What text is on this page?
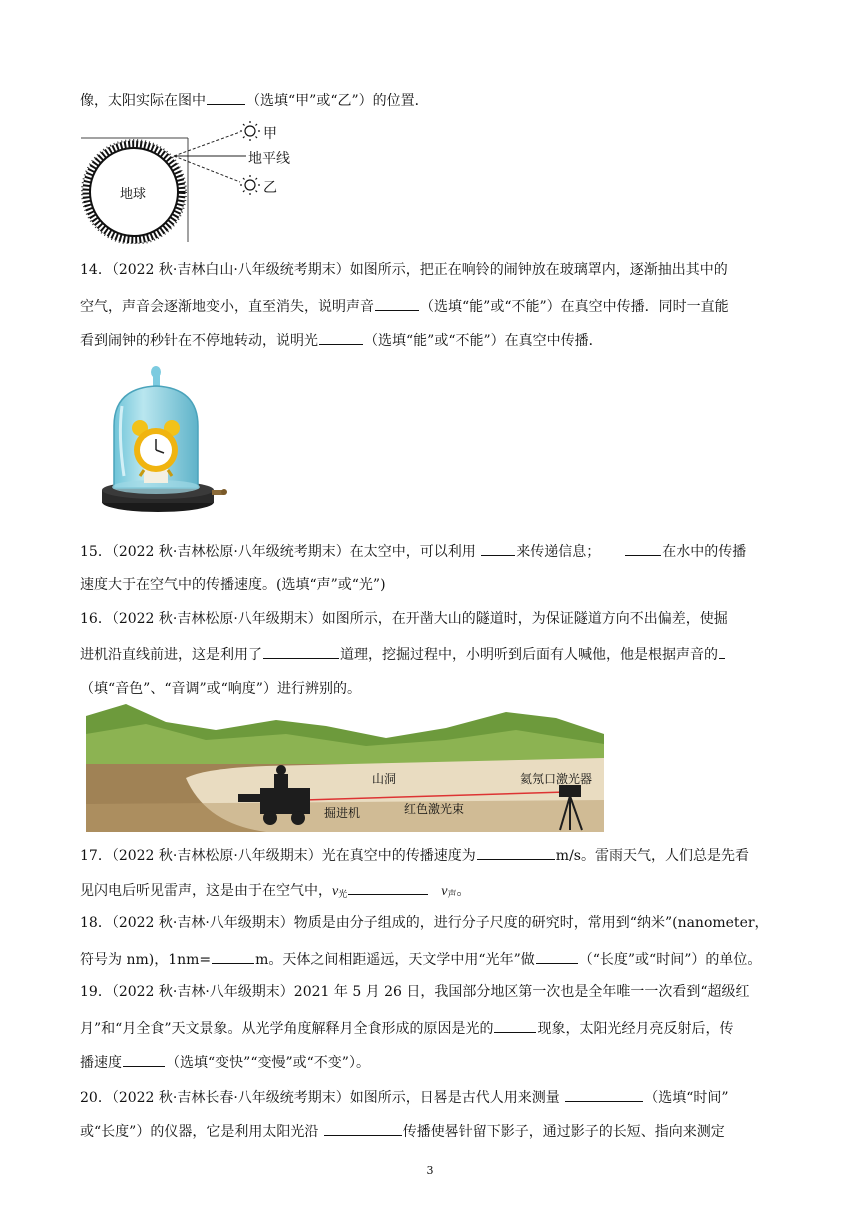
像，太阳实际在图中	（选填“甲”或“乙”）的位置．
地球
甲
地平线
乙
14．（2022 秋·吉林白山·八年级统考期末）如图所示，把正在响铃的闹钟放在玻璃罩内，逐渐抽出其中的
空气，声音会逐渐地变小，直至消失，说明声音	（选填“能”或“不能”）在真空中传播．同时一直能
看到闹钟的秒针在不停地转动，说明光	（选填“能”或“不能”）在真空中传播．
15．（2022 秋·吉林松原·八年级统考期末）在太空中，可以利用	来传递信息；	在水中的传播
速度大于在空气中的传播速度。(选填“声”或“光”)
16．（2022 秋·吉林松原·八年级期末）如图所示，在开凿大山的隧道时，为保证隧道方向不出偏差，使掘
进机沿直线前进，这是利用了	道理，挖掘过程中，小明听到后面有人喊他，他是根据声音的
（填“音色”、“音调”或“响度”）进行辨别的。
山洞	氦氖口激光器
掘进机	红色激光束
17．（2022 秋·吉林松原·八年级期末）光在真空中的传播速度为	m/s。雷雨天气，人们总是先看
见闪电后听见雷声，这是由于在空气中，$v_光$	$v_声$。
18．（2022 秋·吉林·八年级期末）物质是由分子组成的，进行分子尺度的研究时，常用到“纳米”(nanometer，
符号为 nm)，1nm=	m。天体之间相距遥远，天文学中用“光年”做	（“长度”或“时间”）的单位。
19．（2022 秋·吉林·八年级期末）2021 年 5 月 26 日，我国部分地区第一次也是全年唯一一次看到“超级红
月”和“月全食”天文景象。从光学角度解释月全食形成的原因是光的	现象，太阳光经月亮反射后，传
播速度	（选填“变快”“变慢”或“不变”）。
20．（2022 秋·吉林长春·八年级统考期末）如图所示，日晷是古代人用来测量	（选填“时间”
或“长度”）的仪器，它是利用太阳光沿	传播使晷针留下影子，通过影子的长短、指向来测定
3
